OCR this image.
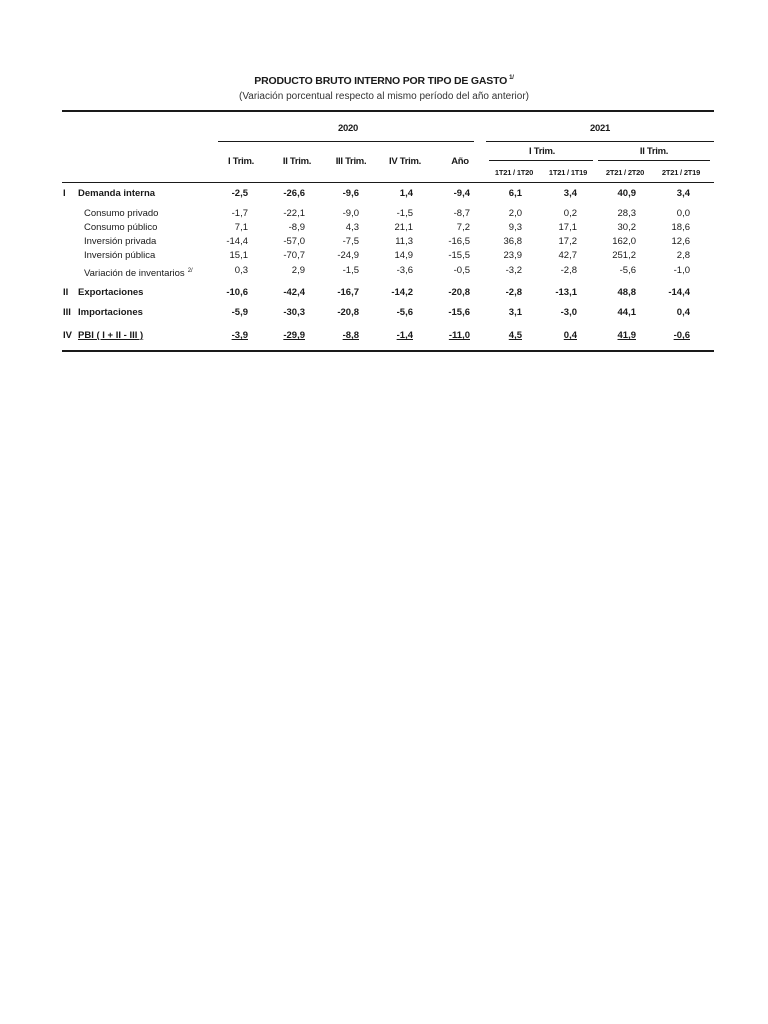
PRODUCTO BRUTO INTERNO POR TIPO DE GASTO $^{1/}$
(Variación porcentual respecto al mismo período del año anterior)
2020	2021
I Trim.	II Trim.	III Trim.	IV Trim.	Año
I Trim.	II Trim.
1T21 / 1T20	1T21 / 1T19	2T21 / 2T20	2T21 / 2T19
I Demanda interna	-2,5	-26,6	-9,6	1,4	-9,4	6,1	3,4	40,9	3,4
Consumo privado	-1,7	-22,1	-9,0	-1,5	-8,7	2,0	0,2	28,3	0,0
Consumo público	7,1	-8,9	4,3	21,1	7,2	9,3	17,1	30,2	18,6
Inversión privada	-14,4	-57,0	-7,5	11,3	-16,5	36,8	17,2	162,0	12,6
Inversión pública	15,1	-70,7	-24,9	14,9	-15,5	23,9	42,7	251,2	2,8
Variación de inventarios $^{2/}$	0,3	2,9	-1,5	-3,6	-0,5	-3,2	-2,8	-5,6	-1,0
II Exportaciones	-10,6	-42,4	-16,7	-14,2	-20,8	-2,8	-13,1	48,8	-14,4
III Importaciones	-5,9	-30,3	-20,8	-5,6	-15,6	3,1	-3,0	44,1	0,4
IV PBI ( I + II - III )	-3,9	-29,9	-8,8	-1,4	-11,0	4,5	0,4	41,9	-0,6
